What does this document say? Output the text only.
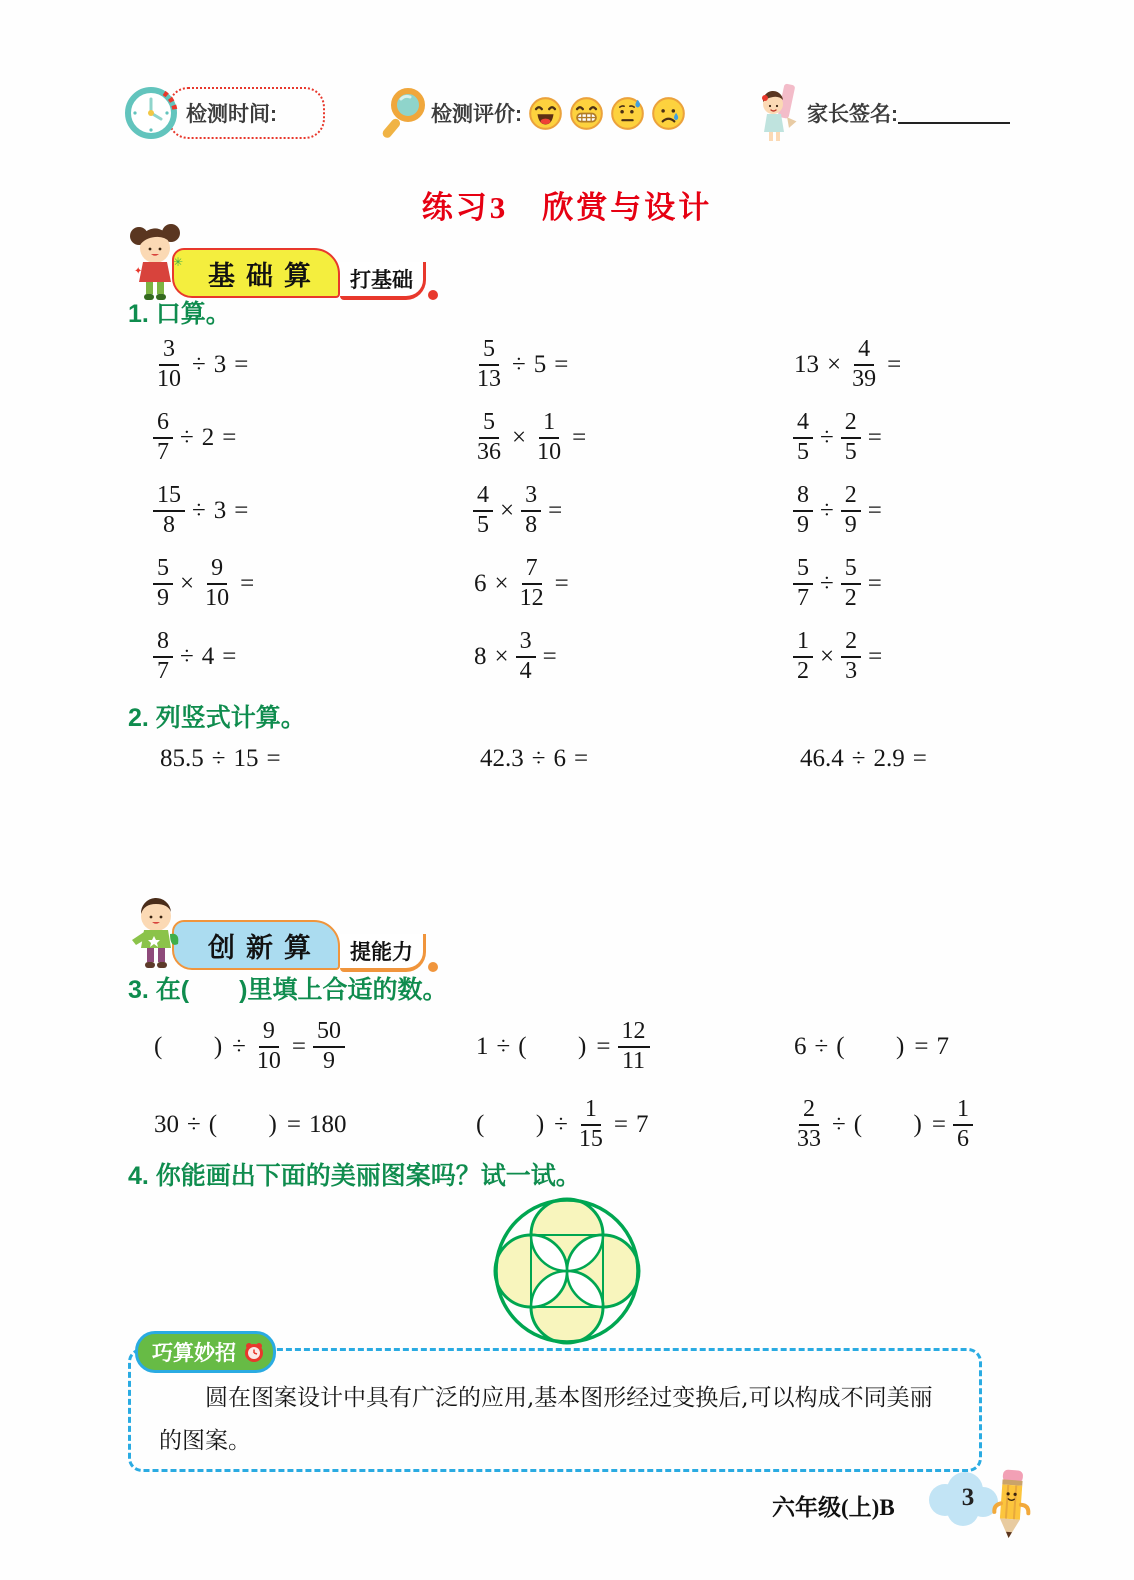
检测时间:	检测评价:	家长签名:
练习3　欣赏与设计
✳
✦	基础算	打基础
1. 口算。
$\frac{3}{10} \div 3$ =	$\frac{5}{13} \div 5$ =	$13 \times \frac{4}{39}$ =
$\frac{6}{7} \div 2$ =	$\frac{5}{36} \times \frac{1}{10}$ =	$\frac{4}{5} \div \frac{2}{5}$ =
$\frac{15}{8} \div 3$ =	$\frac{4}{5} \times \frac{3}{8}$ =	$\frac{8}{9} \div \frac{2}{9}$ =
$\frac{5}{9} \times \frac{9}{10}$ =	$6 \times \frac{7}{12}$ =	$\frac{5}{7} \div \frac{5}{2}$ =
$\frac{8}{7} \div 4$ =	$8 \times \frac{3}{4}$ =	$\frac{1}{2} \times \frac{2}{3}$ =
2. 列竖式计算。
85.5 ÷ 15 =	42.3 ÷ 6 =	46.4 ÷ 2.9 =
创新算	提能力
3. 在(　　)里填上合适的数。
(      ) ÷ $\frac{9}{10} = \frac{50}{9}$	1 ÷ (      ) = $\frac{12}{11}$	6 ÷ (      ) = 7
30 ÷ (      ) = 180	(      ) ÷ $\frac{1}{15} = 7$	$\frac{2}{33}$ ÷ (      ) = $\frac{1}{6}$
4. 你能画出下面的美丽图案吗？试一试。
巧算妙招

圆在图案设计中具有广泛的应用,基本图形经过变换后,可以构成不同美丽的图案。

六年级(上)B	3
